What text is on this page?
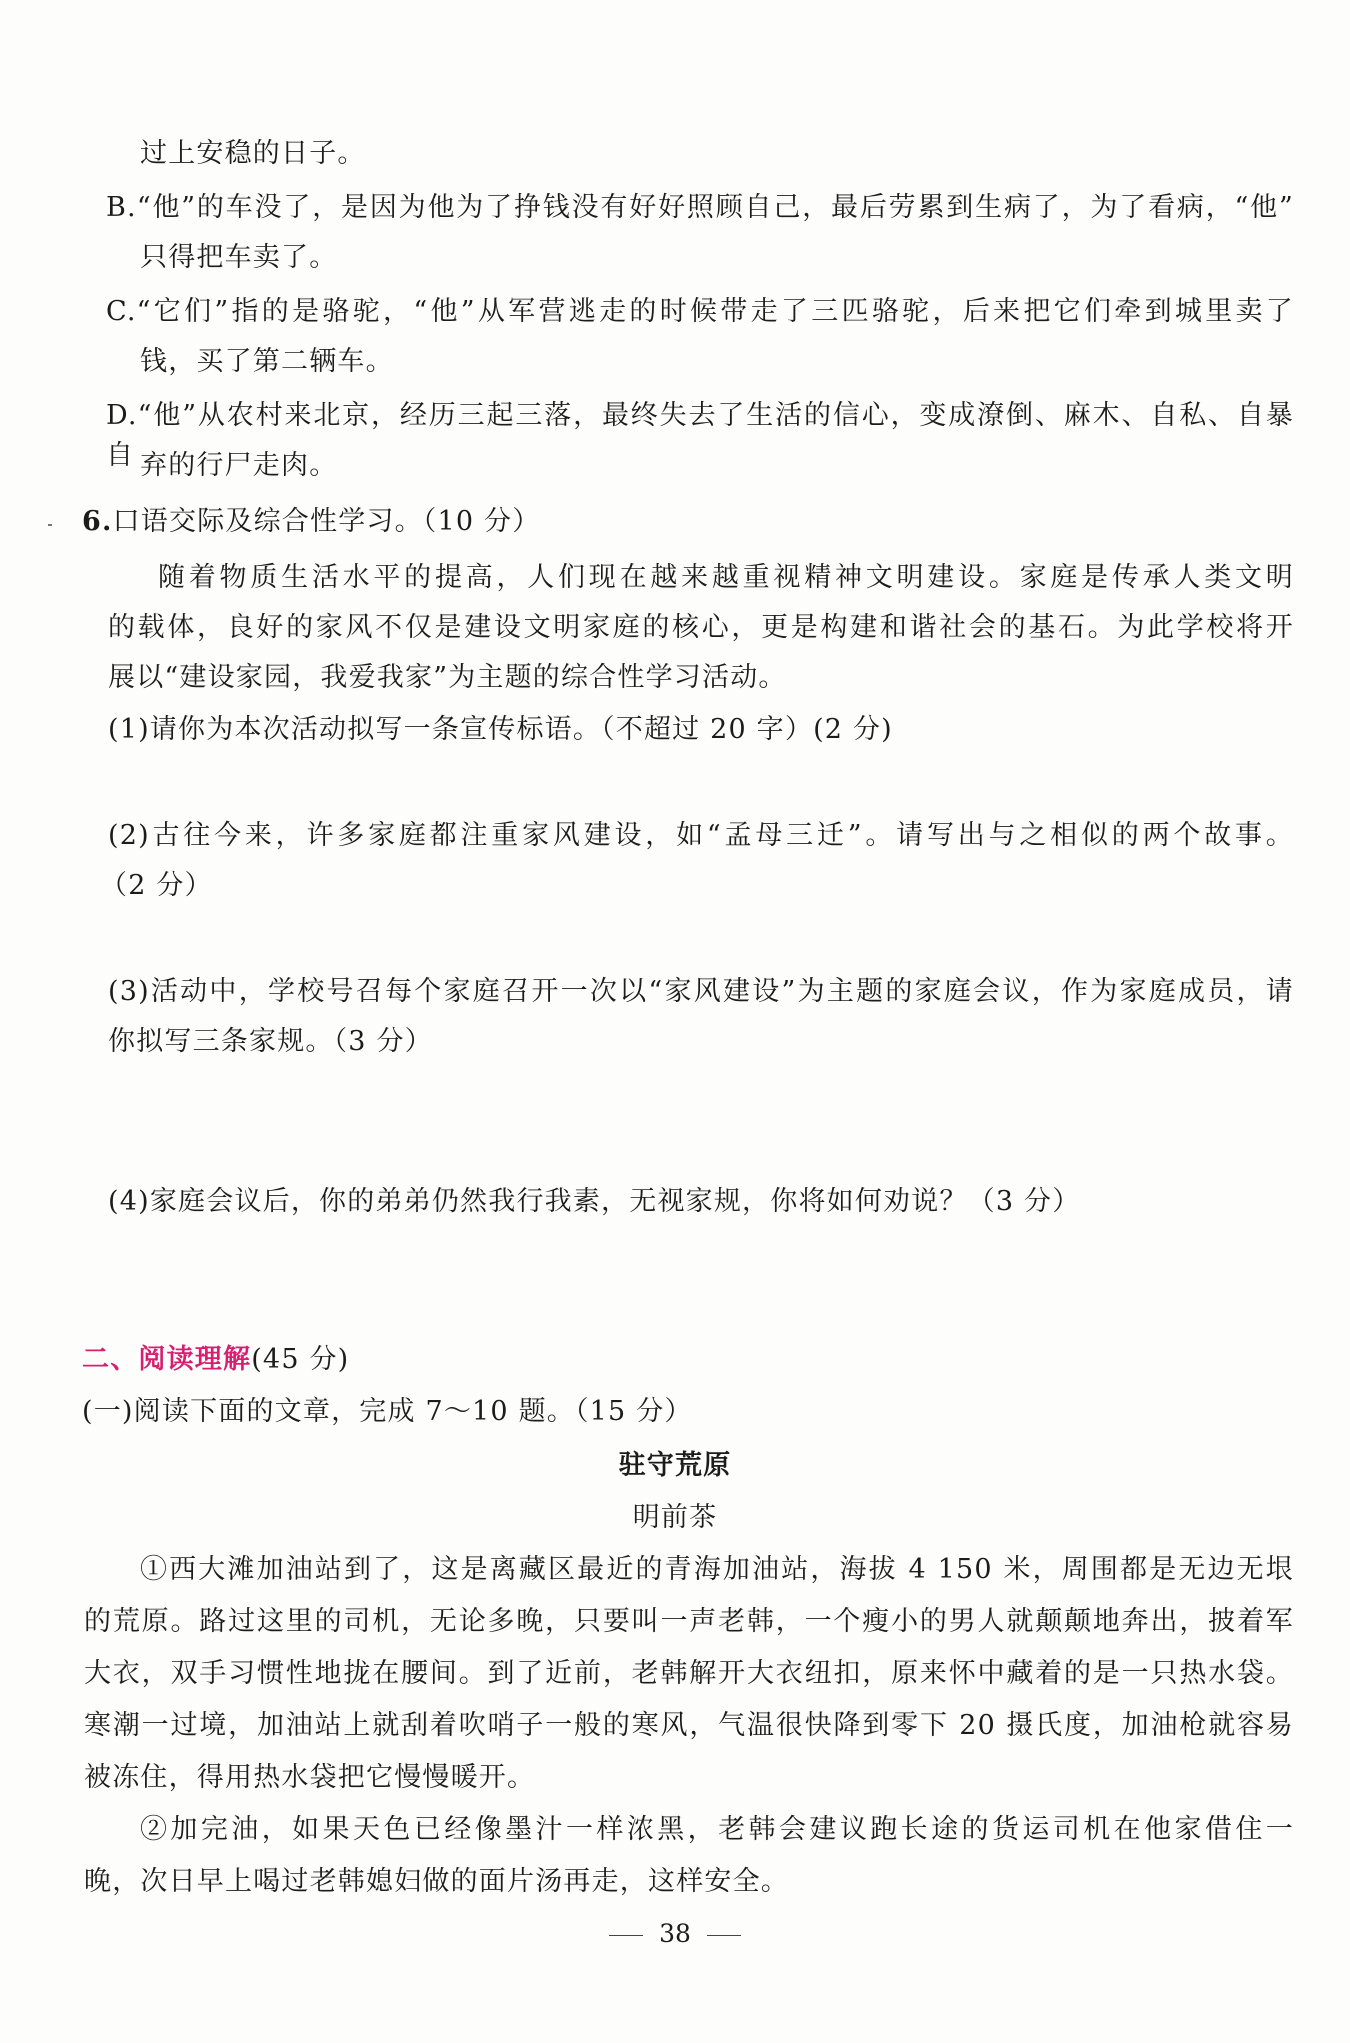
过上安稳的日子。
B.“他”的车没了，是因为他为了挣钱没有好好照顾自己，最后劳累到生病了，为了看病，“他”
只得把车卖了。
C.“它们”指的是骆驼，“他”从军营逃走的时候带走了三匹骆驼，后来把它们牵到城里卖了
钱，买了第二辆车。
D.“他”从农村来北京，经历三起三落，最终失去了生活的信心，变成潦倒、麻木、自私、自暴自 弃的行尸走肉。
6.口语交际及综合性学习。（10 分）
随着物质生活水平的提高，人们现在越来越重视精神文明建设。家庭是传承人类文明
的载体，良好的家风不仅是建设文明家庭的核心，更是构建和谐社会的基石。为此学校将开
展以“建设家园，我爱我家”为主题的综合性学习活动。
(1)请你为本次活动拟写一条宣传标语。（不超过 20 字）(2 分)
(2)古往今来，许多家庭都注重家风建设，如“孟母三迁”。请写出与之相似的两个故事。
（2 分）
(3)活动中，学校号召每个家庭召开一次以“家风建设”为主题的家庭会议，作为家庭成员，请
你拟写三条家规。（3 分）
(4)家庭会议后，你的弟弟仍然我行我素，无视家规，你将如何劝说？（3 分）
二、阅读理解(45 分)
(一)阅读下面的文章，完成 7～10 题。（15 分）
驻守荒原
明前茶
①西大滩加油站到了，这是离藏区最近的青海加油站，海拔 4 150 米，周围都是无边无垠
的荒原。路过这里的司机，无论多晚，只要叫一声老韩，一个瘦小的男人就颠颠地奔出，披着军
大衣，双手习惯性地拢在腰间。到了近前，老韩解开大衣纽扣，原来怀中藏着的是一只热水袋。
寒潮一过境，加油站上就刮着吹哨子一般的寒风，气温很快降到零下 20 摄氏度，加油枪就容易
被冻住，得用热水袋把它慢慢暖开。
②加完油，如果天色已经像墨汁一样浓黑，老韩会建议跑长途的货运司机在他家借住一
晚，次日早上喝过老韩媳妇做的面片汤再走，这样安全。
38
